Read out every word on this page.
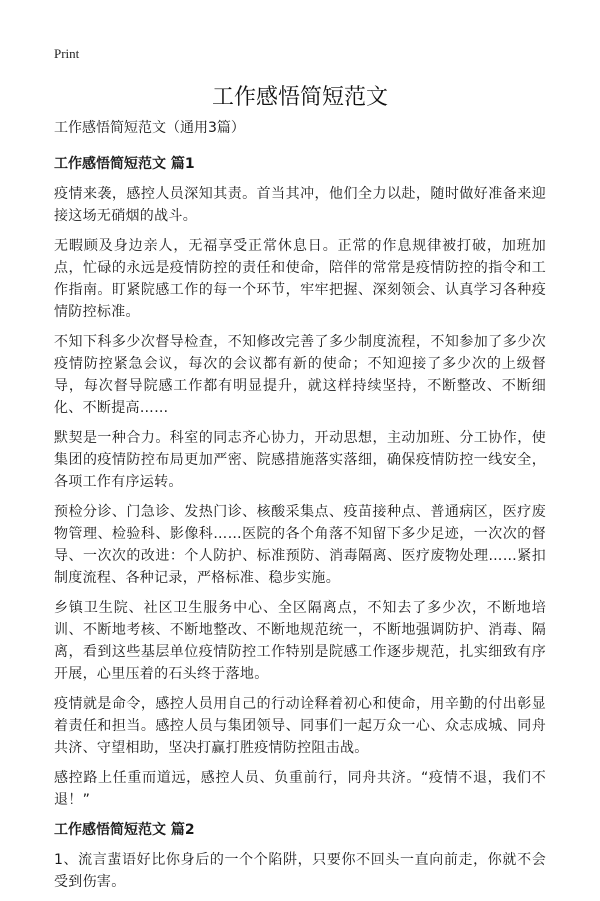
Print
工作感悟简短范文
工作感悟简短范文（通用3篇）
工作感悟简短范文 篇1

疫情来袭，感控人员深知其责。首当其冲，他们全力以赴，随时做好准备来迎接这场无硝烟的战斗。

无暇顾及身边亲人，无福享受正常休息日。正常的作息规律被打破，加班加点，忙碌的永远是疫情防控的责任和使命，陪伴的常常是疫情防控的指令和工作指南。盯紧院感工作的每一个环节，牢牢把握、深刻领会、认真学习各种疫情防控标准。

不知下科多少次督导检查，不知修改完善了多少制度流程，不知参加了多少次疫情防控紧急会议，每次的会议都有新的使命；不知迎接了多少次的上级督导，每次督导院感工作都有明显提升，就这样持续坚持，不断整改、不断细化、不断提高……

默契是一种合力。科室的同志齐心协力，开动思想，主动加班、分工协作，使集团的疫情防控布局更加严密、院感措施落实落细，确保疫情防控一线安全，各项工作有序运转。

预检分诊、门急诊、发热门诊、核酸采集点、疫苗接种点、普通病区，医疗废物管理、检验科、影像科……医院的各个角落不知留下多少足迹，一次次的督导、一次次的改进：个人防护、标准预防、消毒隔离、医疗废物处理……紧扣制度流程、各种记录，严格标准、稳步实施。

乡镇卫生院、社区卫生服务中心、全区隔离点，不知去了多少次，不断地培训、不断地考核、不断地整改、不断地规范统一，不断地强调防护、消毒、隔离，看到这些基层单位疫情防控工作特别是院感工作逐步规范，扎实细致有序开展，心里压着的石头终于落地。

疫情就是命令，感控人员用自己的行动诠释着初心和使命，用辛勤的付出彰显着责任和担当。感控人员与集团领导、同事们一起万众一心、众志成城、同舟共济、守望相助，坚决打赢打胜疫情防控阻击战。

感控路上任重而道远，感控人员、负重前行，同舟共济。“疫情不退，我们不退！”

工作感悟简短范文 篇2

1、流言蜚语好比你身后的一个个陷阱，只要你不回头一直向前走，你就不会受到伤害。
